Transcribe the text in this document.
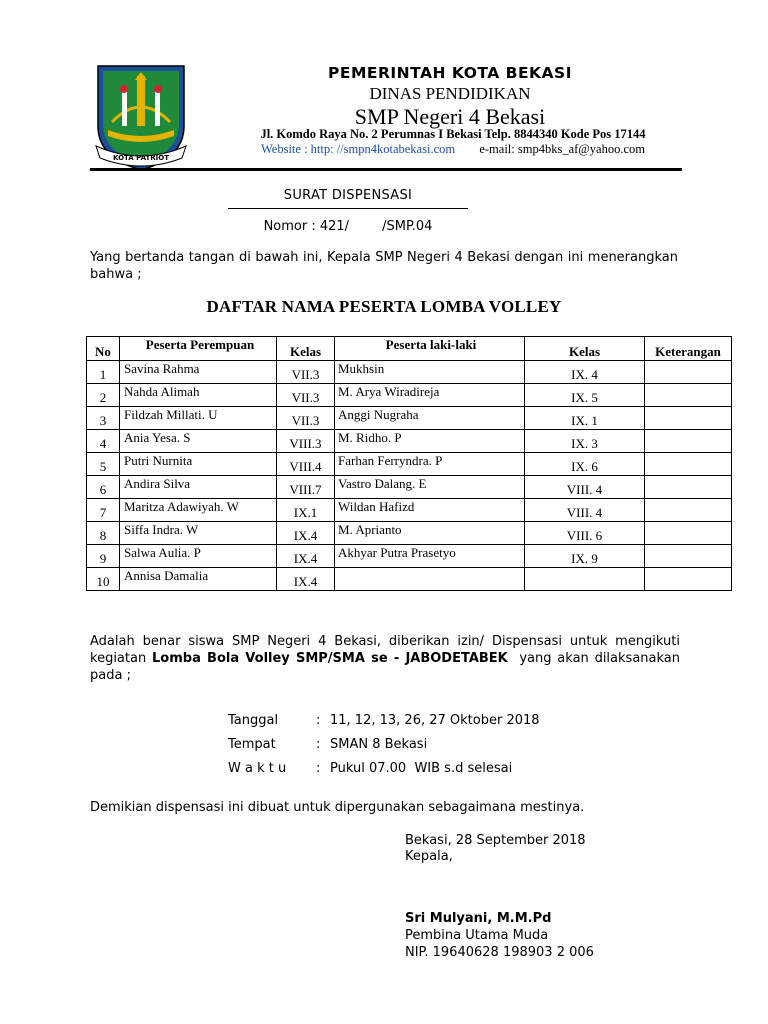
KOTA PATRIOT
PEMERINTAH KOTA BEKASI
DINAS PENDIDIKAN
SMP Negeri 4 Bekasi
Jl. Komdo Raya No. 2 Perumnas I Bekasi Telp. 8844340 Kode Pos 17144
Website : http: //smpn4kotabekasi.com e-mail: smp4bks_af@yahoo.com
SURAT DISPENSASI
Nomor : 421/        /SMP.04
Yang bertanda tangan di bawah ini, Kepala SMP Negeri 4 Bekasi dengan ini menerangkan bahwa ;
DAFTAR NAMA PESERTA LOMBA VOLLEY
No	Peserta Perempuan	Kelas	Peserta laki-laki	Kelas	Keterangan
1	Savina Rahma	VII.3	Mukhsin	IX. 4	
2	Nahda Alimah	VII.3	M. Arya Wiradireja	IX. 5	
3	Fildzah Millati. U	VII.3	Anggi Nugraha	IX. 1	
4	Ania Yesa. S	VIII.3	M. Ridho. P	IX. 3	
5	Putri Nurnita	VIII.4	Farhan Ferryndra. P	IX. 6	
6	Andira Silva	VIII.7	Vastro Dalang. E	VIII. 4	
7	Maritza Adawiyah. W	IX.1	Wildan Hafizd	VIII. 4	
8	Siffa Indra. W	IX.4	M. Aprianto	VIII. 6	
9	Salwa Aulia. P	IX.4	Akhyar Putra Prasetyo	IX. 9	
10	Annisa Damalia	IX.4			
Adalah benar siswa SMP Negeri 4 Bekasi, diberikan izin/ Dispensasi untuk mengikuti kegiatan Lomba Bola Volley SMP/SMA se - JABODETABEK  yang akan dilaksanakan pada ;

Tanggal

	:

11, 12, 13, 26, 27 Oktober 2018

Tempat

	:

SMAN 8 Bekasi

W a k t u

:

Pukul 07.00  WIB s.d selesai

Demikian dispensasi ini dibuat untuk dipergunakan sebagaimana mestinya.
Bekasi, 28 September 2018
Kepala,
Sri Mulyani, M.M.Pd
Pembina Utama Muda
NIP. 19640628 198903 2 006
